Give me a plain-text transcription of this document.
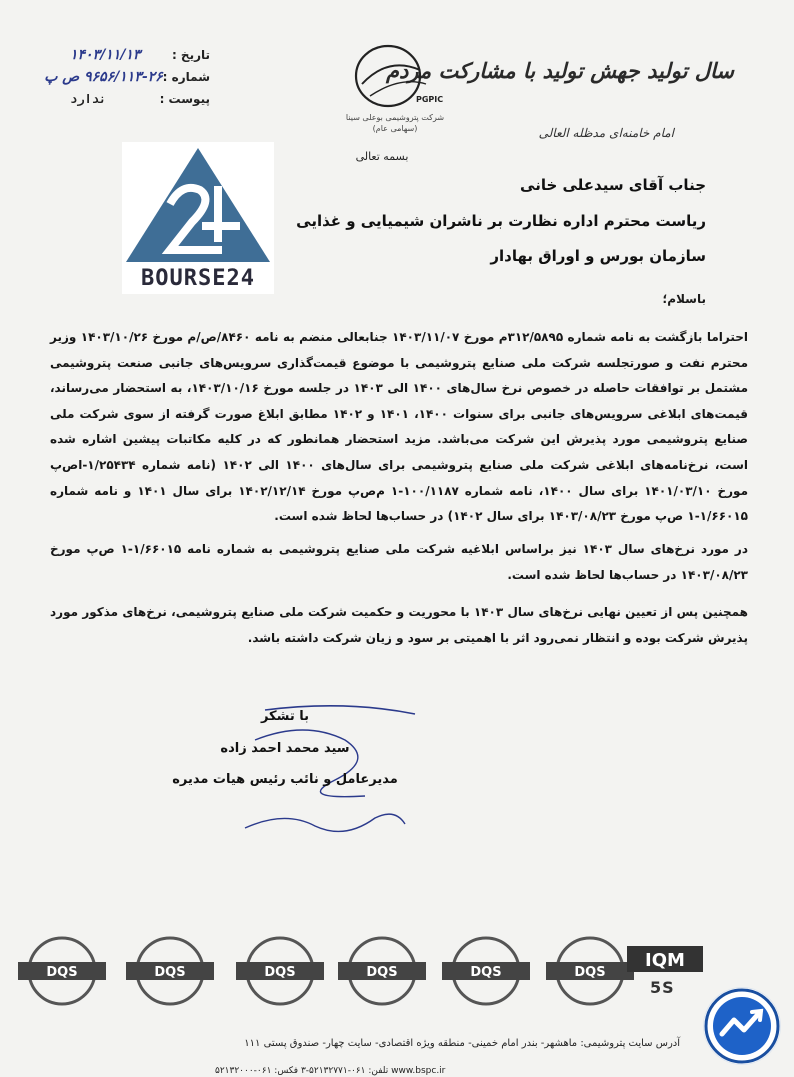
سال تولید جهش تولید با مشارکت مردم
امام خامنه‌ای مدظله العالی
تاریخ :
۱۴۰۳/۱۱/۱۳
شماره :
۹۶۵۶/۱۱۳-۲۶ ص پ
پیوست :
ندارد	PGPIC
شرکت پتروشیمی بوعلی سینا (سهامی عام)
بسمه تعالی
BOURSE24
جناب آقای سیدعلی خانی
ریاست محترم اداره نظارت بر ناشران شیمیایی و غذایی
سازمان بورس و اوراق بهادار
باسلام؛
احتراما بازگشت به نامه شماره ۳۱۲/۵۸۹۵م مورخ ۱۴۰۳/۱۱/۰۷ جنابعالی منضم به نامه ۸۴۶۰/ص/م مورخ ۱۴۰۳/۱۰/۲۶ وزیر محترم نفت و صورتجلسه شرکت ملی صنایع پتروشیمی با موضوع قیمت‌گذاری سرویس‌های جانبی صنعت پتروشیمی مشتمل بر توافقات حاصله در خصوص نرخ سال‌های ۱۴۰۰ الی ۱۴۰۳ در جلسه مورخ ۱۴۰۳/۱۰/۱۶، به استحضار می‌رساند، قیمت‌های ابلاغی سرویس‌های جانبی برای سنوات ۱۴۰۰، ۱۴۰۱ و ۱۴۰۲ مطابق ابلاغ صورت گرفته از سوی شرکت ملی صنایع پتروشیمی مورد پذیرش این شرکت می‌باشد. مزید استحضار همانطور که در کلیه مکاتبات پیشین اشاره شده است، نرخ‌نامه‌های ابلاغی شرکت ملی صنایع پتروشیمی برای سال‌های ۱۴۰۰ الی ۱۴۰۲ (نامه شماره ۱/۲۵۴۳۴-ا‌ص‌پ مورخ ۱۴۰۱/۰۳/۱۰ برای سال ۱۴۰۰، نامه شماره ۱۰۰/۱۱۸۷-۱ م‌ص‌پ مورخ ۱۴۰۲/۱۲/۱۴ برای سال ۱۴۰۱ و نامه شماره ۱/۶۶۰۱۵-۱ ص‌پ مورخ ۱۴۰۳/۰۸/۲۳ برای سال ۱۴۰۲) در حساب‌ها لحاظ شده است.
در مورد نرخ‌های سال ۱۴۰۳ نیز براساس ابلاغیه شرکت ملی صنایع پتروشیمی به شماره نامه ۱/۶۶۰۱۵-۱ ص‌پ مورخ ۱۴۰۳/۰۸/۲۳ در حساب‌ها لحاظ شده است.
همچنین پس از تعیین نهایی نرخ‌های سال ۱۴۰۳ با محوریت و حکمیت شرکت ملی صنایع پتروشیمی، نرخ‌های مذکور مورد پذیرش شرکت بوده و انتظار نمی‌رود اثر با اهمیتی بر سود و زیان شرکت داشته باشد.
با تشکر
سید محمد احمد زاده
مدیرعامل و نائب رئیس هیات مدیره
DQS	DQS	DQS	DQS	DQS	DQS
IQM
5S
آدرس سایت پتروشیمی: ماهشهر- بندر امام خمینی- منطقه ویژه اقتصادی- سایت چهار- صندوق پستی ۱۱۱
www.bspc.ir تلفن: ۰۶۱-۵۲۱۳۲۷۷۱-۳ فکس: ۰۶۱-۵۲۱۳۲۰۰۰
